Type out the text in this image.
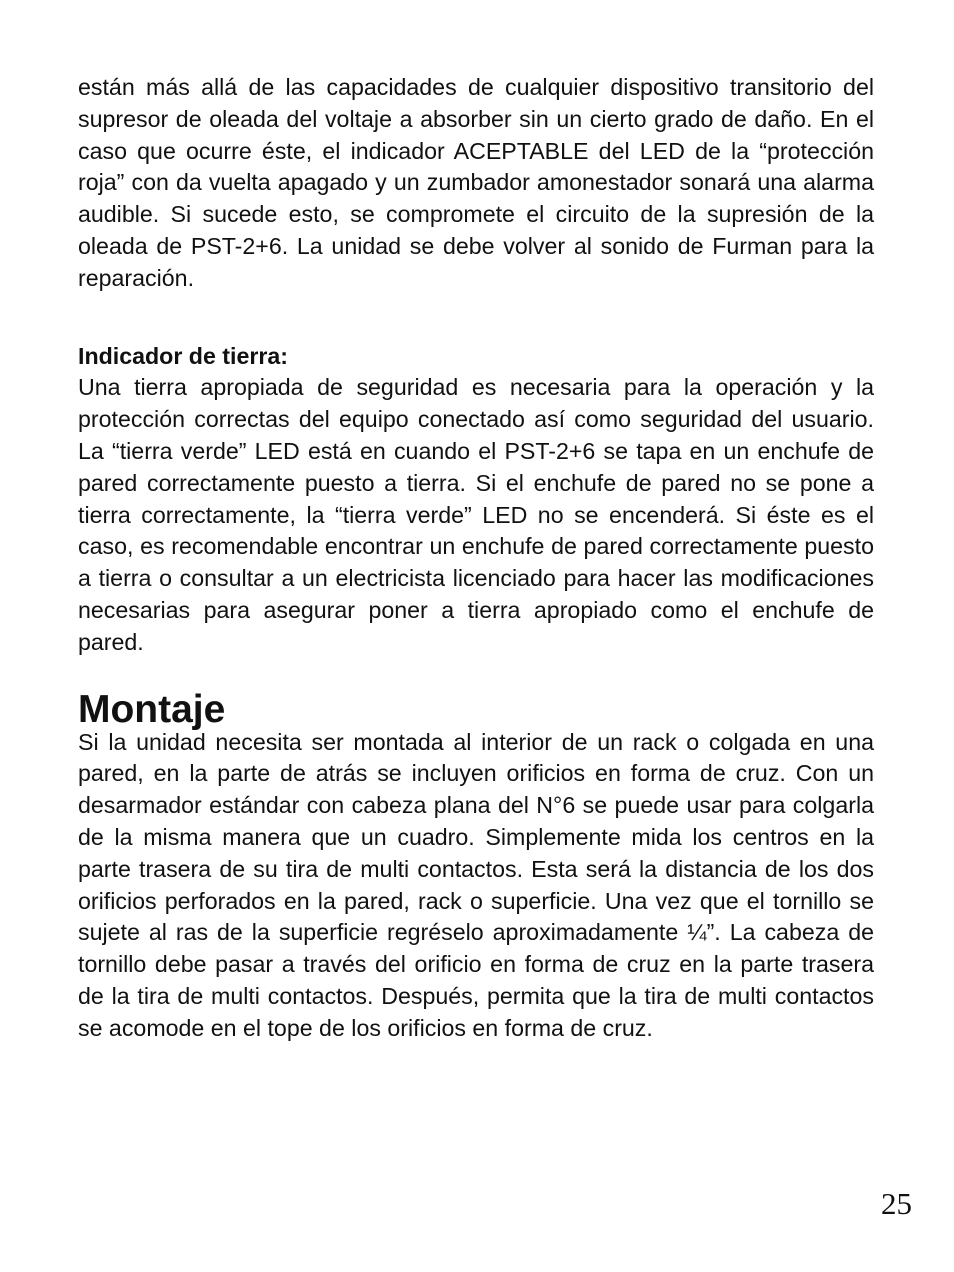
están más allá de las capacidades de cualquier dispositivo transitorio del supresor de oleada del voltaje a absorber sin un cierto grado de daño. En el caso que ocurre éste, el indicador ACEPTABLE del LED de la “protección roja” con da vuelta apagado y un zumbador amonestador sonará una alarma audible. Si sucede esto, se compromete el circuito de la supresión de la oleada de PST-2+6. La unidad se debe volver al sonido de Furman para la reparación.

Indicador de tierra:

Una tierra apropiada de seguridad es necesaria para la operación y la protección correctas del equipo conectado así como seguridad del usuario. La “tierra verde” LED está en cuando el PST-2+6 se tapa en un enchufe de pared correctamente puesto a tierra. Si el enchufe de pared no se pone a tierra correctamente, la “tierra verde” LED no se encenderá. Si éste es el caso, es recomendable encontrar un enchufe de pared correctamente puesto a tierra o consultar a un electricista licenciado para hacer las modificaciones necesarias para asegurar poner a tierra apropiado como el enchufe de pared.

Montaje

Si la unidad necesita ser montada al interior de un rack o colgada en una pared, en la parte de atrás se incluyen orificios en forma de cruz. Con un desarmador estándar con cabeza plana del N°6 se puede usar para colgarla de la misma manera que un cuadro. Simplemente mida los centros en la parte trasera de su tira de multi contactos. Esta será la distancia de los dos orificios perforados en la pared, rack o superficie. Una vez que el tornillo se sujete al ras de la superficie regréselo aproximadamente ¼”. La cabeza de tornillo debe pasar a través del orificio en forma de cruz en la parte trasera de la tira de multi contactos. Después, permita que la tira de multi contactos se acomode en el tope de los orificios en forma de cruz.

25
